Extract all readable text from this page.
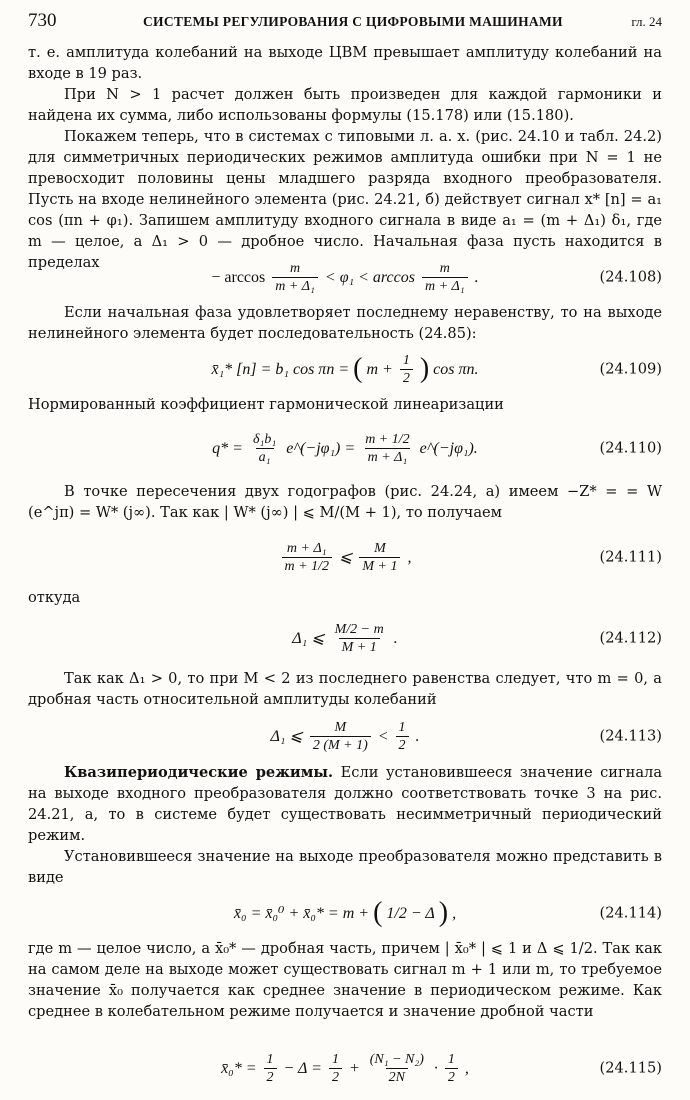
730	СИСТЕМЫ РЕГУЛИРОВАНИЯ С ЦИФРОВЫМИ МАШИНАМИ	гл. 24

т. е. амплитуда колебаний на выходе ЦВМ превышает амплитуду колебаний на входе в 19 раз.

При N > 1 расчет должен быть произведен для каждой гармоники и найдена их сумма, либо использованы формулы (15.178) или (15.180).

Покажем теперь, что в системах с типовыми л. а. х. (рис. 24.10 и табл. 24.2) для симметричных периодических режимов амплитуда ошибки при N = 1 не превосходит половины цены младшего разряда входного преобразователя. Пусть на входе нелинейного элемента (рис. 24.21, б) действует сигнал x* [n] = a₁ cos (πn + φ₁). Запишем амплитуду входного сигнала в виде a₁ = (m + Δ₁) δ₁, где m — целое, а Δ₁ > 0 — дробное число. Начальная фаза пусть находится в пределах

− $\arccos \frac{m}{\text{m + Δ₁}} < \varphi_1 < \arccos \frac{m}{\text{m + Δ₁}}$ .	(24.108)

Если начальная фаза удовлетворяет последнему неравенству, то на выходе нелинейного элемента будет последовательность (24.85):

x̄₁* [n] = b₁ cos πn = ( $m + \frac{1}{2}$ ) cos πn.	(24.109)

Нормированный коэффициент гармонической линеаризации

$q* = \frac{\text{δ₁b₁}}{\text{a₁}}$ e^(−jφ₁) = $\frac{m + 1/2}{\text{m + Δ₁}}$ e^(−jφ₁).	(24.110)

В точке пересечения двух годографов (рис. 24.24, а) имеем −Z* = = W (e^jπ) = W* (j∞). Так как | W* (j∞) | ⩽ M/(M + 1), то получаем

$\frac{\text{m + Δ₁}}{m + 1/2}$ ⩽ $\frac{M}{M + 1}$ ,	(24.111)

откуда

Δ₁ ⩽ $\frac{M/2 - m}{M + 1}$ .	(24.112)

Так как Δ₁ > 0, то при M < 2 из последнего равенства следует, что m = 0, а дробная часть относительной амплитуды колебаний

Δ₁ ⩽ $\frac{M}{2 (M + 1)} < \frac{1}{2}$ .	(24.113)

Квазипериодические режимы. Если установившееся значение сигнала на выходе входного преобразователя должно соответствовать точке 3 на рис. 24.21, а, то в системе будет существовать несимметричный периодический режим.

Установившееся значение на выходе преобразователя можно представить в виде

x̄₀ = x̄₀⁰ + x̄₀* = m + ( 1/2 − Δ ) ,	(24.114)

где m — целое число, а x̄₀* — дробная часть, причем | x̄₀* | ⩽ 1 и Δ ⩽ 1/2. Так как на самом деле на выходе может существовать сигнал m + 1 или m, то требуемое значение x̄₀ получается как среднее значение в периодическом режиме. Как среднее в колебательном режиме получается и значение дробной части

x̄₀* = $\frac{1}{2} - \Delta = \frac{1}{2} + \frac{\text{(N₁ − N₂)}}{2N} \cdot \frac{1}{2}$ ,	(24.115)
